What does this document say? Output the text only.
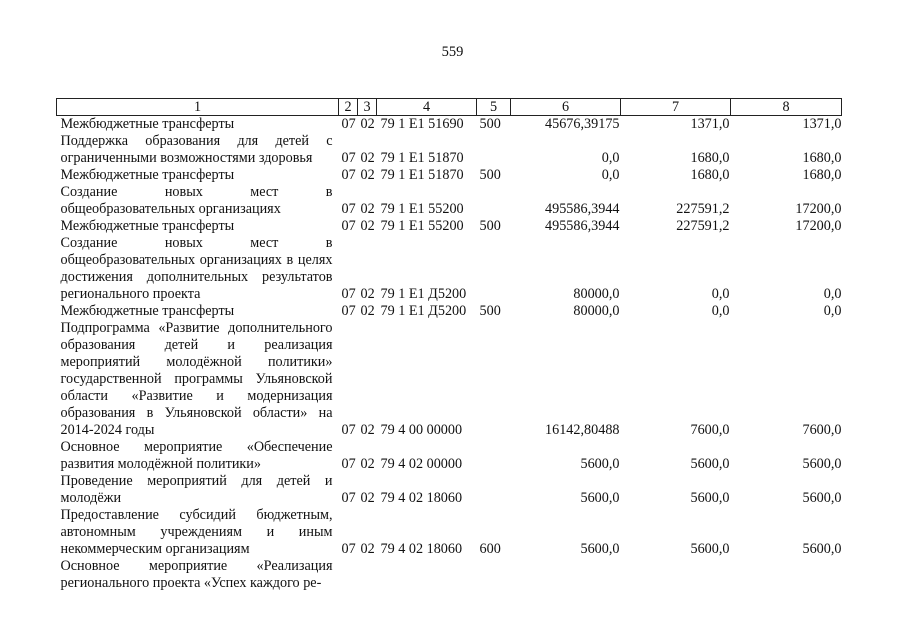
559
1	2	3	4	5	6	7	8
Межбюджетные трансферты	07	02	79 1 E1 51690	500	45676,39175	1371,0	1371,0
Поддержка образования для детей с ограниченными возможностями здоровья	07	02	79 1 E1 51870		0,0	1680,0	1680,0
Межбюджетные трансферты	07	02	79 1 E1 51870	500	0,0	1680,0	1680,0
Создание новых мест в общеобразовательных организациях	07	02	79 1 E1 55200		495586,3944	227591,2	17200,0
Межбюджетные трансферты	07	02	79 1 E1 55200	500	495586,3944	227591,2	17200,0
Создание новых мест в общеобразовательных организациях в целях достижения дополнительных результатов регионального проекта	07	02	79 1 E1 Д5200		80000,0	0,0	0,0
Межбюджетные трансферты	07	02	79 1 E1 Д5200	500	80000,0	0,0	0,0
Подпрограмма «Развитие дополнительного образования детей и реализация мероприятий молодёжной политики» государственной программы Ульяновской области «Развитие и модернизация образования в Ульяновской области» на 2014-2024 годы	07	02	79 4 00 00000		16142,80488	7600,0	7600,0
Основное мероприятие «Обеспечение развития молодёжной политики»	07	02	79 4 02 00000		5600,0	5600,0	5600,0
Проведение мероприятий для детей и молодёжи	07	02	79 4 02 18060		5600,0	5600,0	5600,0
Предоставление субсидий бюджетным, автономным учреждениям и иным некоммерческим организациям	07	02	79 4 02 18060	600	5600,0	5600,0	5600,0
Основное мероприятие «Реализация регионального проекта «Успех каждого ре-							
